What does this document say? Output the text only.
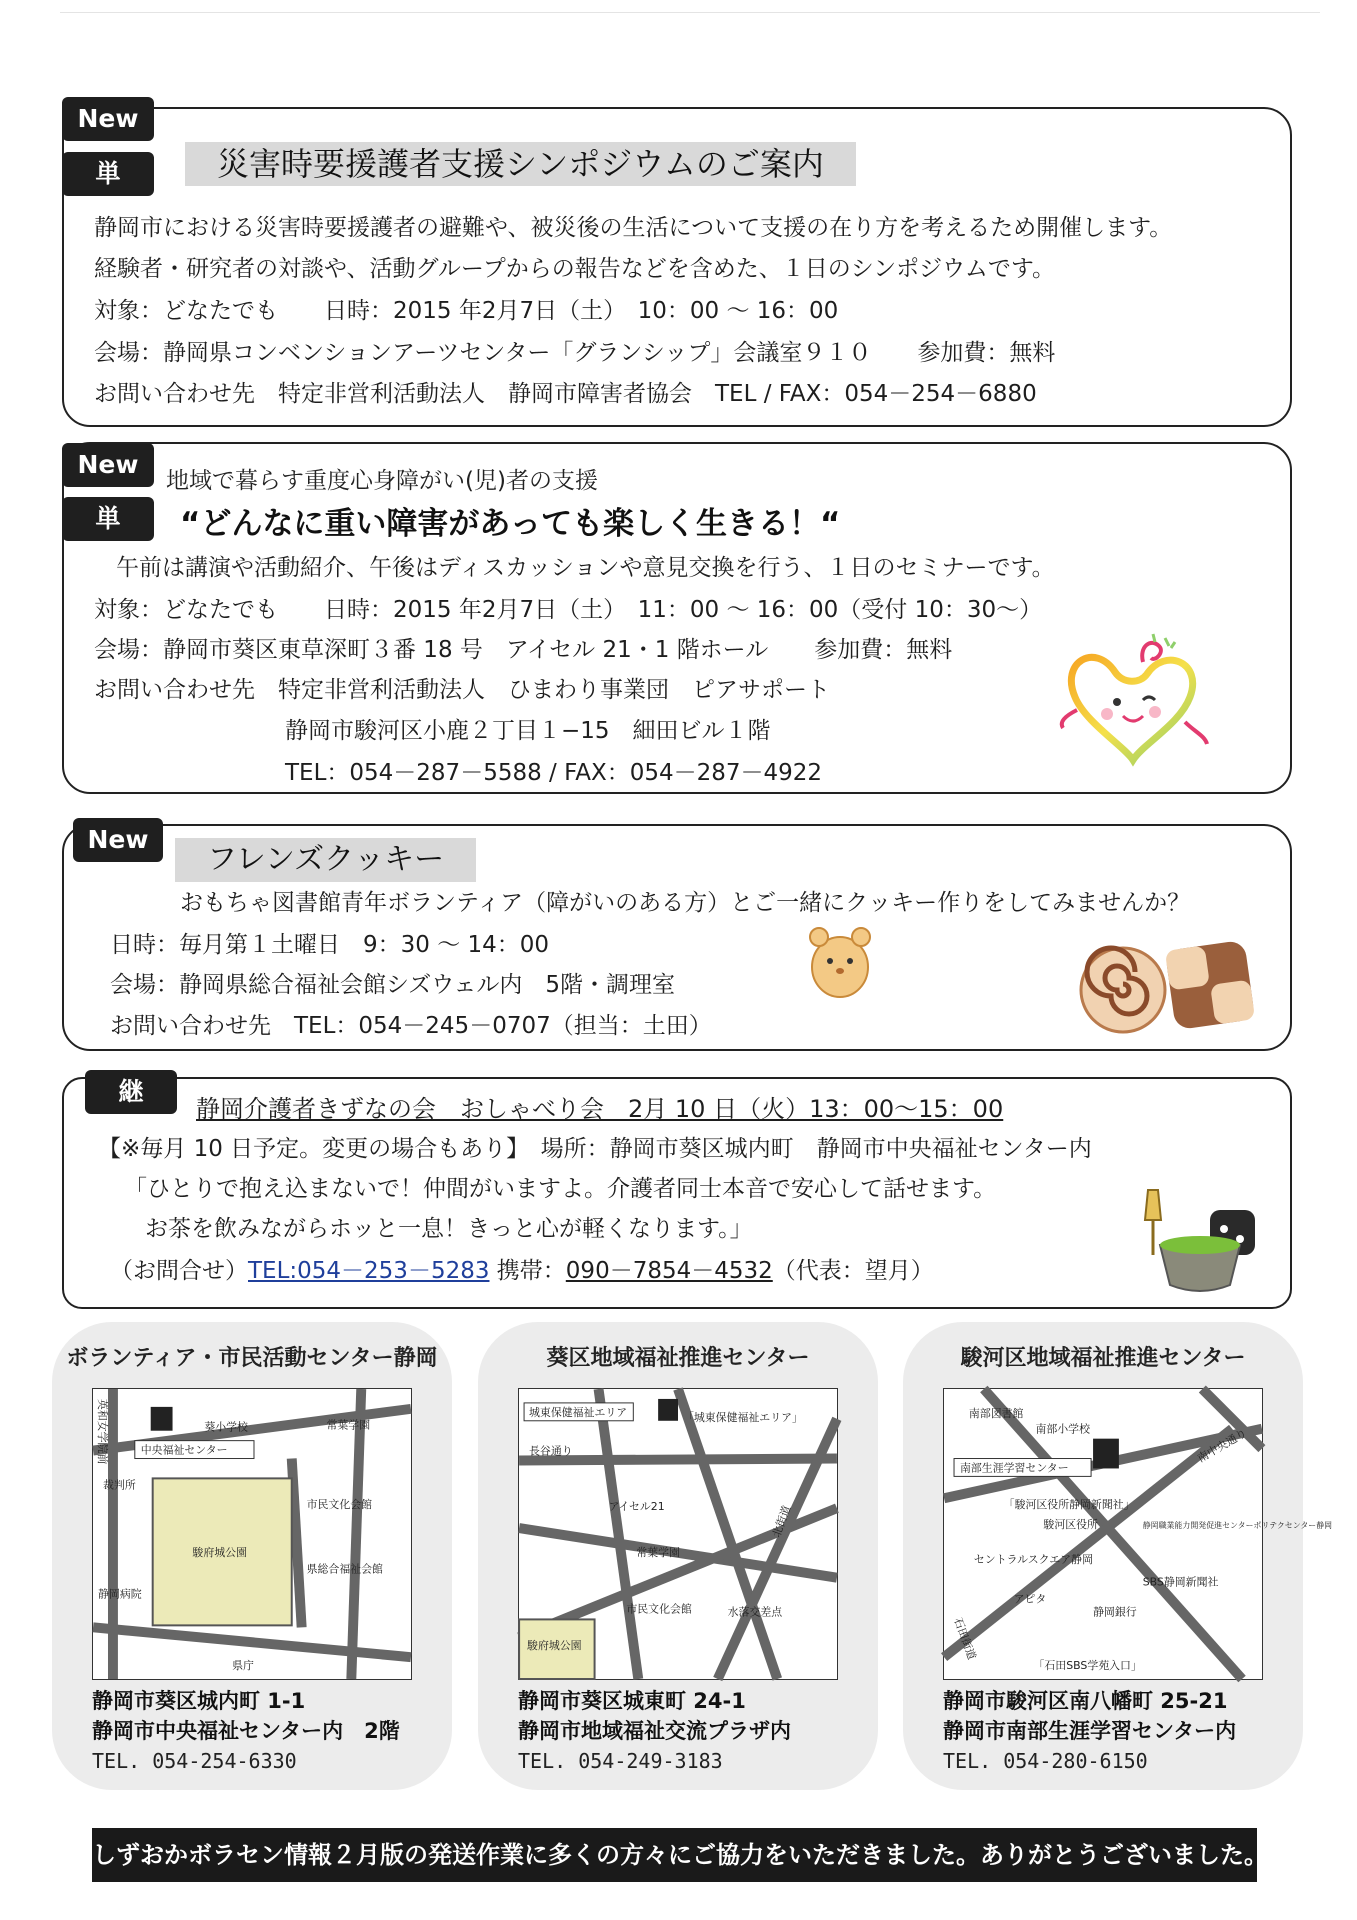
New
単	災害時要援護者支援シンポジウムのご案内
静岡市における災害時要援護者の避難や、被災後の生活について支援の在り方を考えるため開催します。
経験者・研究者の対談や、活動グループからの報告などを含めた、１日のシンポジウムです。
対象：どなたでも　　日時：2015 年2月7日（土）　10：00 ～ 16：00
会場：静岡県コンベンションアーツセンター「グランシップ」会議室９１０　　参加費：無料
お問い合わせ先　特定非営利活動法人　静岡市障害者協会　TEL / FAX：054－254－6880
New
単
地域で暮らす重度心身障がい(児)者の支援
“どんなに重い障害があっても楽しく生きる！“
午前は講演や活動紹介、午後はディスカッションや意見交換を行う、１日のセミナーです。
対象：どなたでも　　日時：2015 年2月7日（土）　11：00 ～ 16：00（受付 10：30～）
会場：静岡市葵区東草深町３番 18 号　アイセル 21・1 階ホール　　参加費：無料
お問い合わせ先　特定非営利活動法人　ひまわり事業団　ピアサポート
静岡市駿河区小鹿２丁目１−15　細田ビル１階
TEL：054－287－5588 / FAX：054－287－4922
New
フレンズクッキー
おもちゃ図書館青年ボランティア（障がいのある方）とご一緒にクッキー作りをしてみませんか？
日時：毎月第１土曜日　9：30 ～ 14：00
会場：静岡県総合福祉会館シズウェル内　5階・調理室
お問い合わせ先　TEL：054－245－0707（担当：土田）
継
静岡介護者きずなの会　おしゃべり会　2月 10 日（火）13：00～15：00
【※毎月 10 日予定。変更の場合もあり】　場所：静岡市葵区城内町　静岡市中央福祉センター内
「ひとりで抱え込まないで！仲間がいますよ。介護者同士本音で安心して話せます。
お茶を飲みながらホッと一息！きっと心が軽くなります。」
（お問合せ）TEL:054－253－5283 携帯：090－7854－4532（代表：望月）
ボランティア・市民活動センター静岡
中央福祉センター
英和女学院前	葵小学校	常葉学園
裁判所
市民文化会館
駿府城公園
県総合福祉会館
静岡病院
県庁
静岡市葵区城内町 1-1
静岡市中央福祉センター内　2階
TEL. 054-254-6330
葵区地域福祉推進センター
城東保健福祉エリア	「城東保健福祉エリア」
長谷通り
アイセル21
常葉学園
北街道
市民文化会館	水落交差点
駿府城公園
静岡市葵区城東町 24-1
静岡市地域福祉交流プラザ内
TEL. 054-249-3183
駿河区地域福祉推進センター
南部生涯学習センター
南部図書館
南部小学校	南中央通り
「駿河区役所静岡新聞社」
駿河区役所	静岡職業能力開発促進センターポリテクセンター静岡
セントラルスクエア静岡
SBS静岡新聞社
アピタ
石田街道
静岡銀行
「石田SBS学苑入口」
静岡市駿河区南八幡町 25-21
静岡市南部生涯学習センター内
TEL. 054-280-6150
しずおかボラセン情報２月版の発送作業に多くの方々にご協力をいただきました。ありがとうございました。
